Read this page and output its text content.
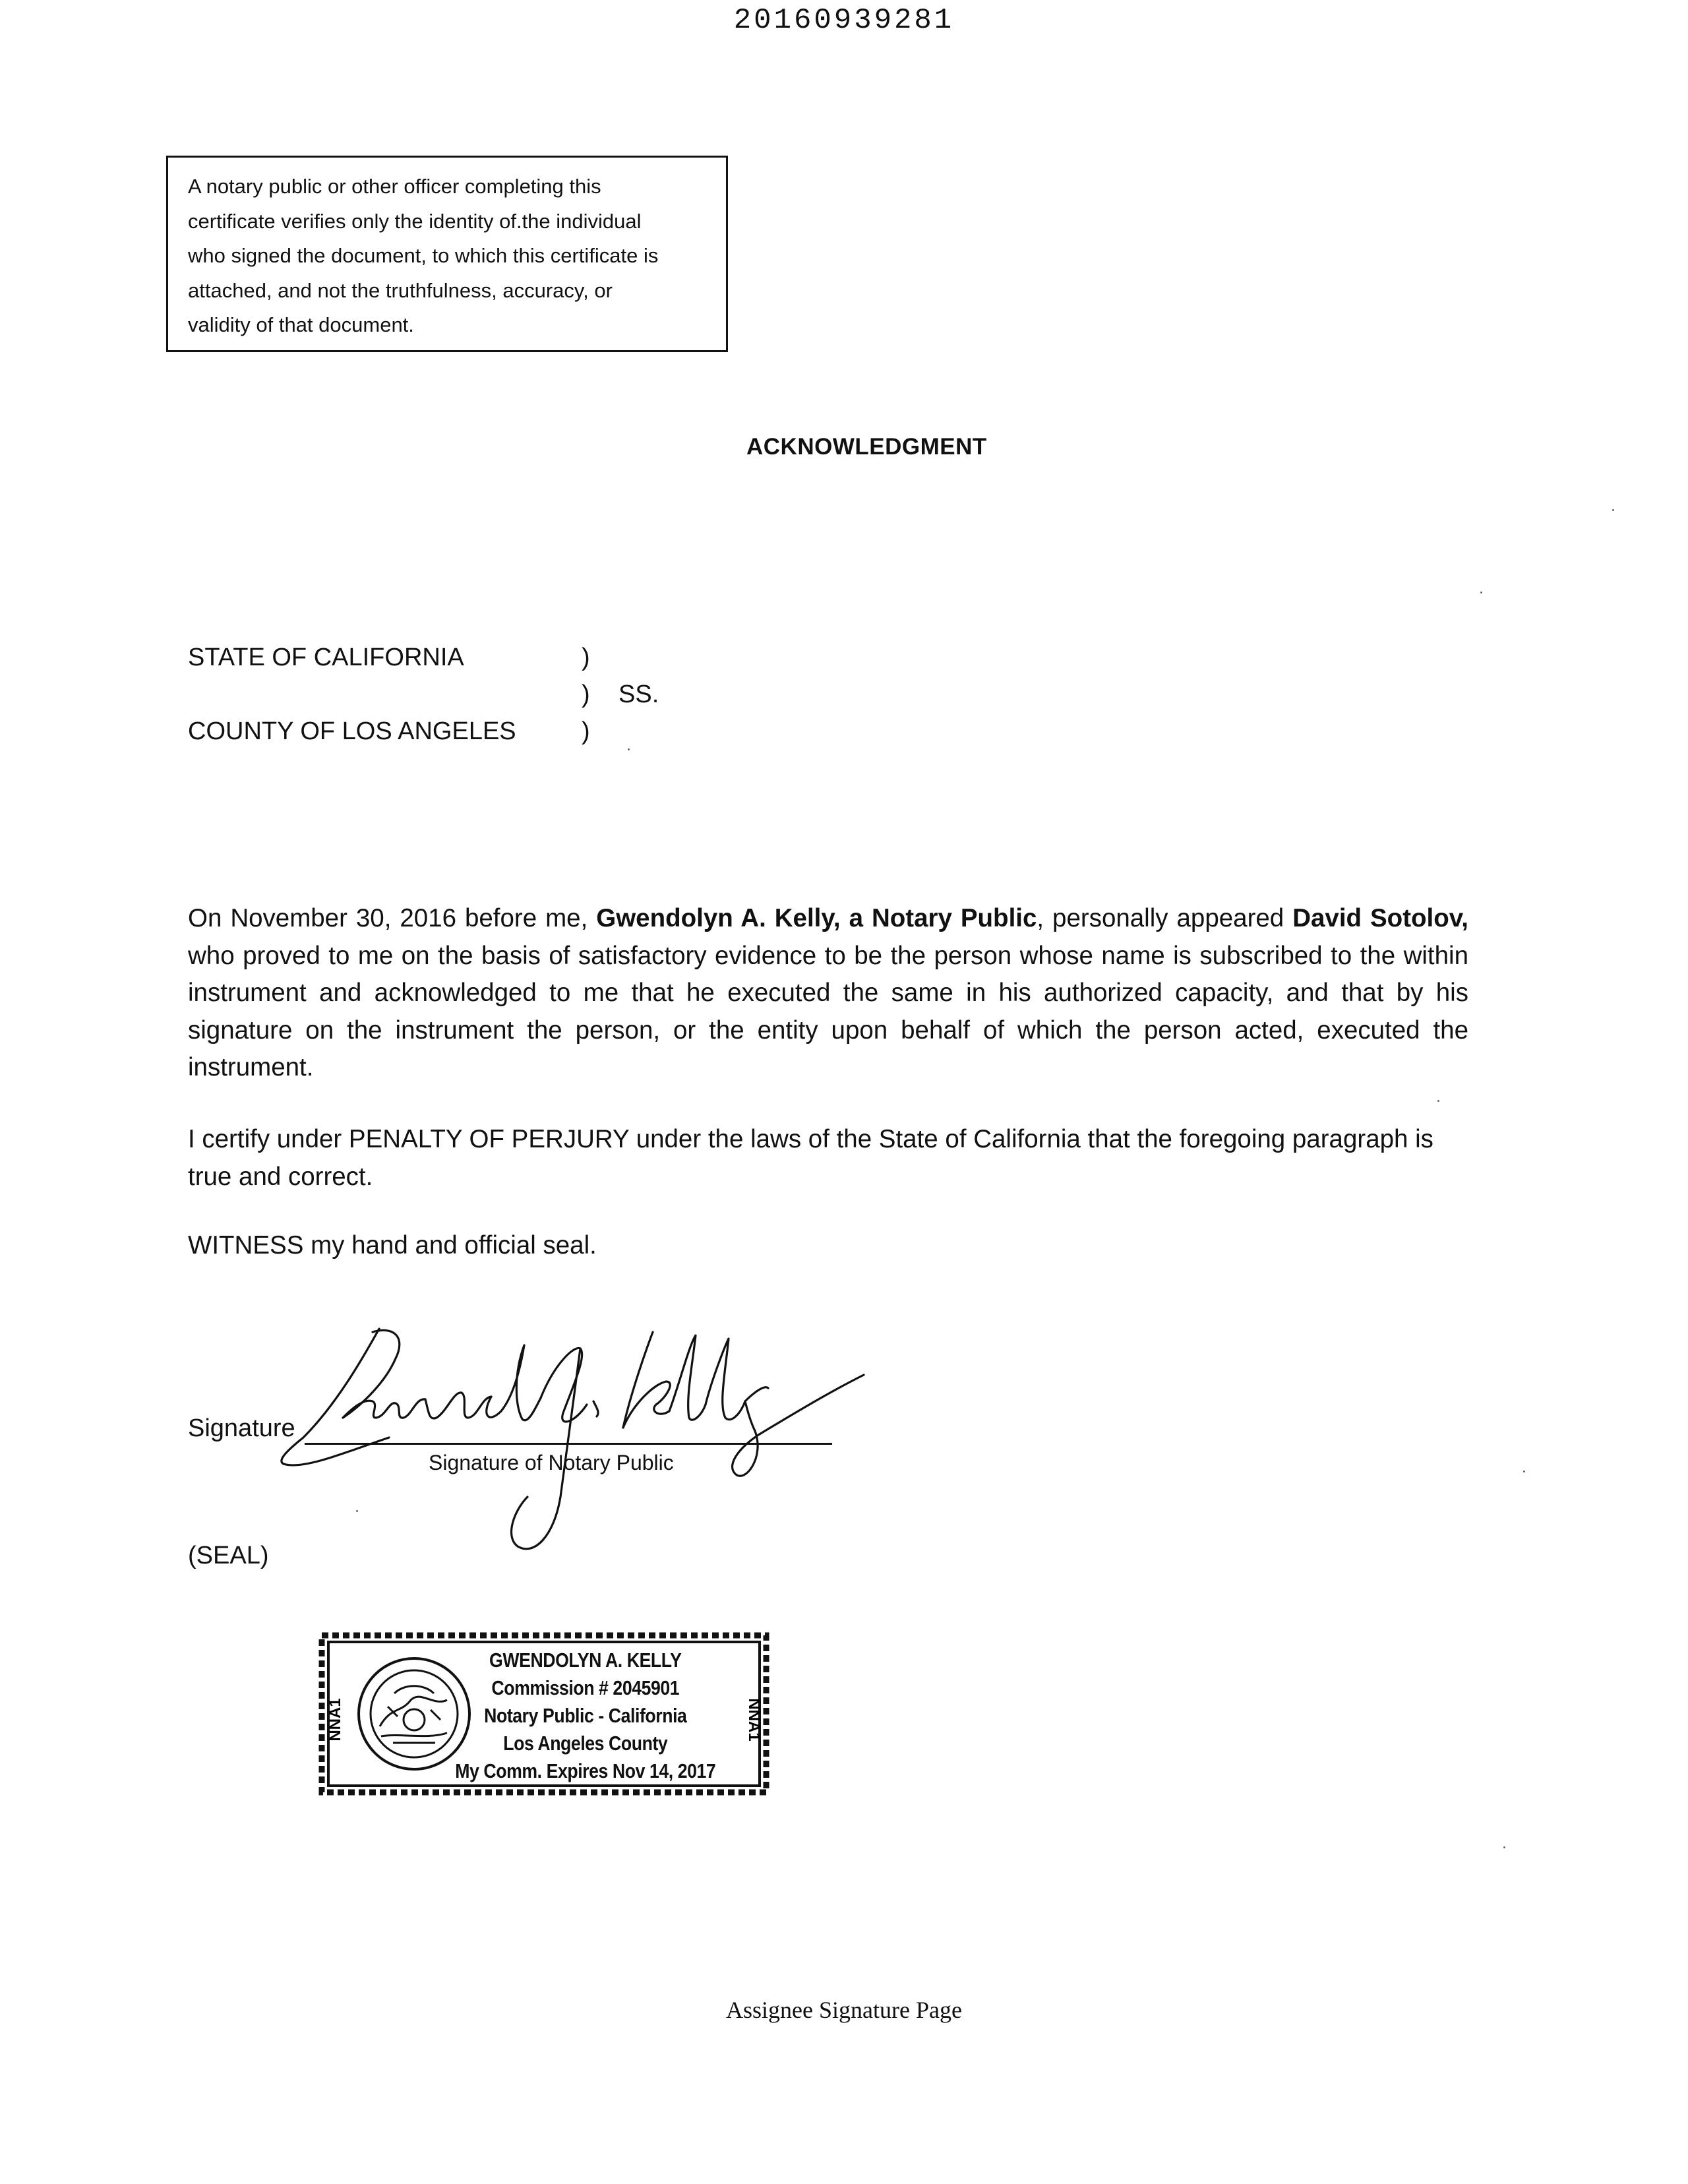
20160939281
A notary public or other officer completing this
certificate verifies only the identity of.the individual
who signed the document, to which this certificate is
attached, and not the truthfulness, accuracy, or
validity of that document.
ACKNOWLEDGMENT
STATE OF CALIFORNIA
COUNTY OF LOS ANGELES
)
)
)
SS.
On November 30, 2016 before me, Gwendolyn A. Kelly, a Notary Public, personally appeared David Sotolov, who proved to me on the basis of satisfactory evidence to be the person whose name is subscribed to the within instrument and acknowledged to me that he executed the same in his authorized capacity, and that by his signature on the instrument the person, or the entity upon behalf of which the person acted, executed the instrument.
I certify under PENALTY OF PERJURY under the laws of the State of California that the foregoing paragraph is true and correct.
WITNESS my hand and official seal.
Signature
Signature of Notary Public
(SEAL)
NNA1	NNA1
GWENDOLYN A. KELLY
Commission # 2045901
Notary Public - California
Los Angeles County
My Comm. Expires Nov 14, 2017
Assignee Signature Page
